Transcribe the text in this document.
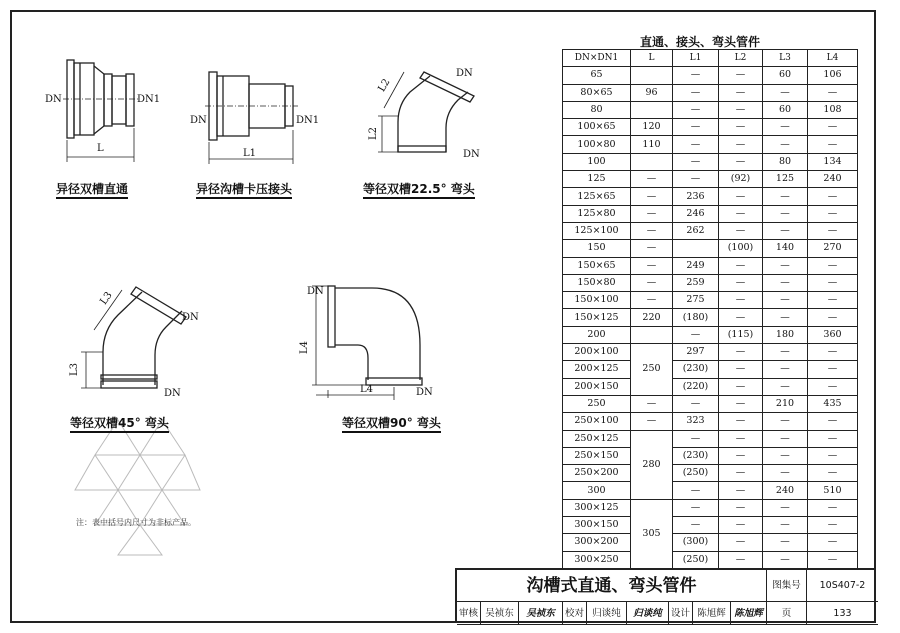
异径双槽直通
DN	DN1
L
异径沟槽卡压接头
DN	DN1
L1
等径双槽22.5° 弯头
DN
DN
L2
L2
等径双槽45° 弯头
DN
DN
L3
L3
等径双槽90° 弯头
DN
DN
L4
L4
注：表中括号内尺寸为非标产品。
直通、接头、弯头管件
DN×DN1	L	L1	L2	L3	L4
65		—	—	60	106
80×65	96	—	—	—	—
80		—	—	60	108
100×65	120	—	—	—	—
100×80	110	—	—	—	—
100		—	—	80	134
125	—	—	(92)	125	240
125×65	—	236	—	—	—
125×80	—	246	—	—	—
125×100	—	262	—	—	—
150	—		(100)	140	270
150×65	—	249	—	—	—
150×80	—	259	—	—	—
150×100	—	275	—	—	—
150×125	220	(180)	—	—	—
200		—	(115)	180	360
200×100	250	297	—	—	—
200×125		(230)	—	—	—
200×150		(220)	—	—	—
250	—	—	—	210	435
250×100	—	323	—	—	—
250×125	280	—	—	—	—
250×150		(230)	—	—	—
250×200		(250)	—	—	—
300		—	—	240	510
300×125	305	—	—	—	—
300×150		—	—	—	—
300×200		(300)	—	—	—
300×250		(250)	—	—	—
沟槽式直通、弯头管件	图集号	10S407-2
审核 吴祯东	吴祯东	校对 归谈纯	归谈纯 设计 陈旭辉 陈旭辉	页	133
